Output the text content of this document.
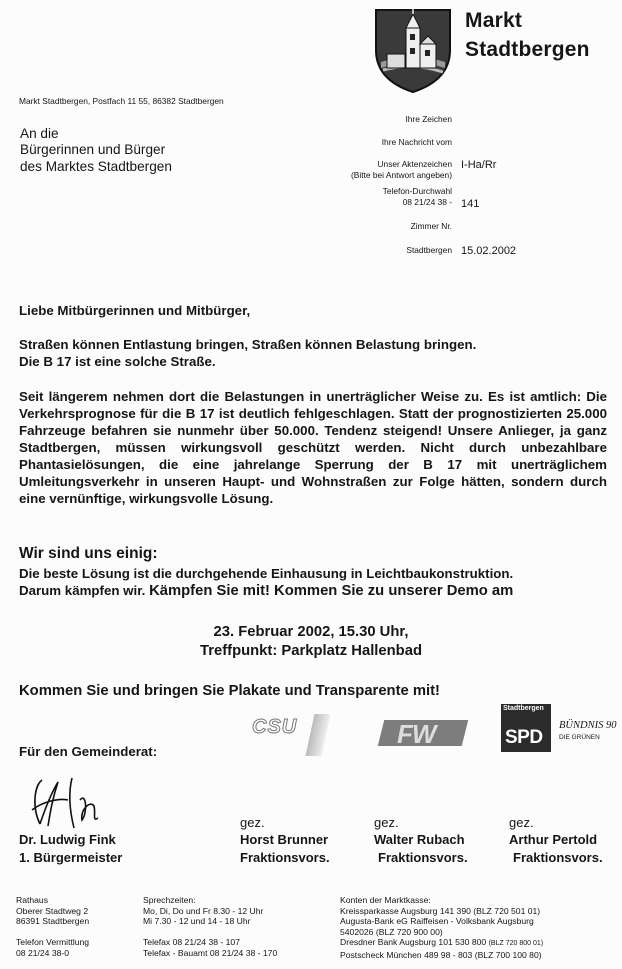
Markt
Stadtbergen
Markt Stadtbergen, Postfach 11 55, 86382 Stadtbergen
An die
Bürgerinnen und Bürger
des Marktes Stadtbergen
Ihre Zeichen
Ihre Nachricht vom
Unser Aktenzeichen
(Bitte bei Antwort angeben)
I-Ha/Rr
Telefon-Durchwahl
08 21/24 38 - 141
Zimmer Nr.
Stadtbergen 15.02.2002
Liebe Mitbürgerinnen und Mitbürger,
Straßen können Entlastung bringen, Straßen können Belastung bringen.
Die B 17 ist eine solche Straße.
Seit längerem nehmen dort die Belastungen in unerträglicher Weise zu. Es ist amtlich: Die Verkehrsprognose für die B 17 ist deutlich fehlgeschlagen. Statt der prognostizierten 25.000 Fahrzeuge befahren sie nunmehr über 50.000. Tendenz steigend! Unsere Anlieger, ja ganz Stadtbergen, müssen wirkungsvoll geschützt werden. Nicht durch unbezahlbare Phantasielösungen, die eine jahrelange Sperrung der B 17 mit unerträglichem Umleitungsverkehr in unseren Haupt- und Wohnstraßen zur Folge hätten, sondern durch eine vernünftige, wirkungsvolle Lösung.
Wir sind uns einig:
Die beste Lösung ist die durchgehende Einhausung in Leichtbaukonstruktion.
Darum kämpfen wir. Kämpfen Sie mit! Kommen Sie zu unserer Demo am
23. Februar 2002, 15.30 Uhr,
Treffpunkt: Parkplatz Hallenbad
Kommen Sie und bringen Sie Plakate und Transparente mit!
CSU	FW
Stadtbergen
SPD
BÜNDNIS 90
DIE GRÜNEN
Für den Gemeinderat:
Dr. Ludwig Fink
1. Bürgermeister
gez.
Horst Brunner
Fraktionsvors.
gez.
Walter Rubach
Fraktionsvors.
gez.
Arthur Pertold
Fraktionsvors.
Rathaus
Oberer Stadtweg 2
86391 Stadtbergen
Telefon Vermittlung
08 21/24 38-0
Sprechzeiten:
Mo, Di, Do und Fr 8.30 - 12 Uhr
Mi 7.30 - 12 und 14 - 18 Uhr
Telefax 08 21/24 38 - 107
Telefax - Bauamt 08 21/24 38 - 170
Konten der Marktkasse:
Kreissparkasse Augsburg 141 390 (BLZ 720 501 01)
Augusta-Bank eG Raiffeisen - Volksbank Augsburg
5402026 (BLZ 720 900 00)
Dresdner Bank Augsburg 101 530 800 (BLZ 720 800 01)
Postscheck München 489 98 - 803 (BLZ 700 100 80)
